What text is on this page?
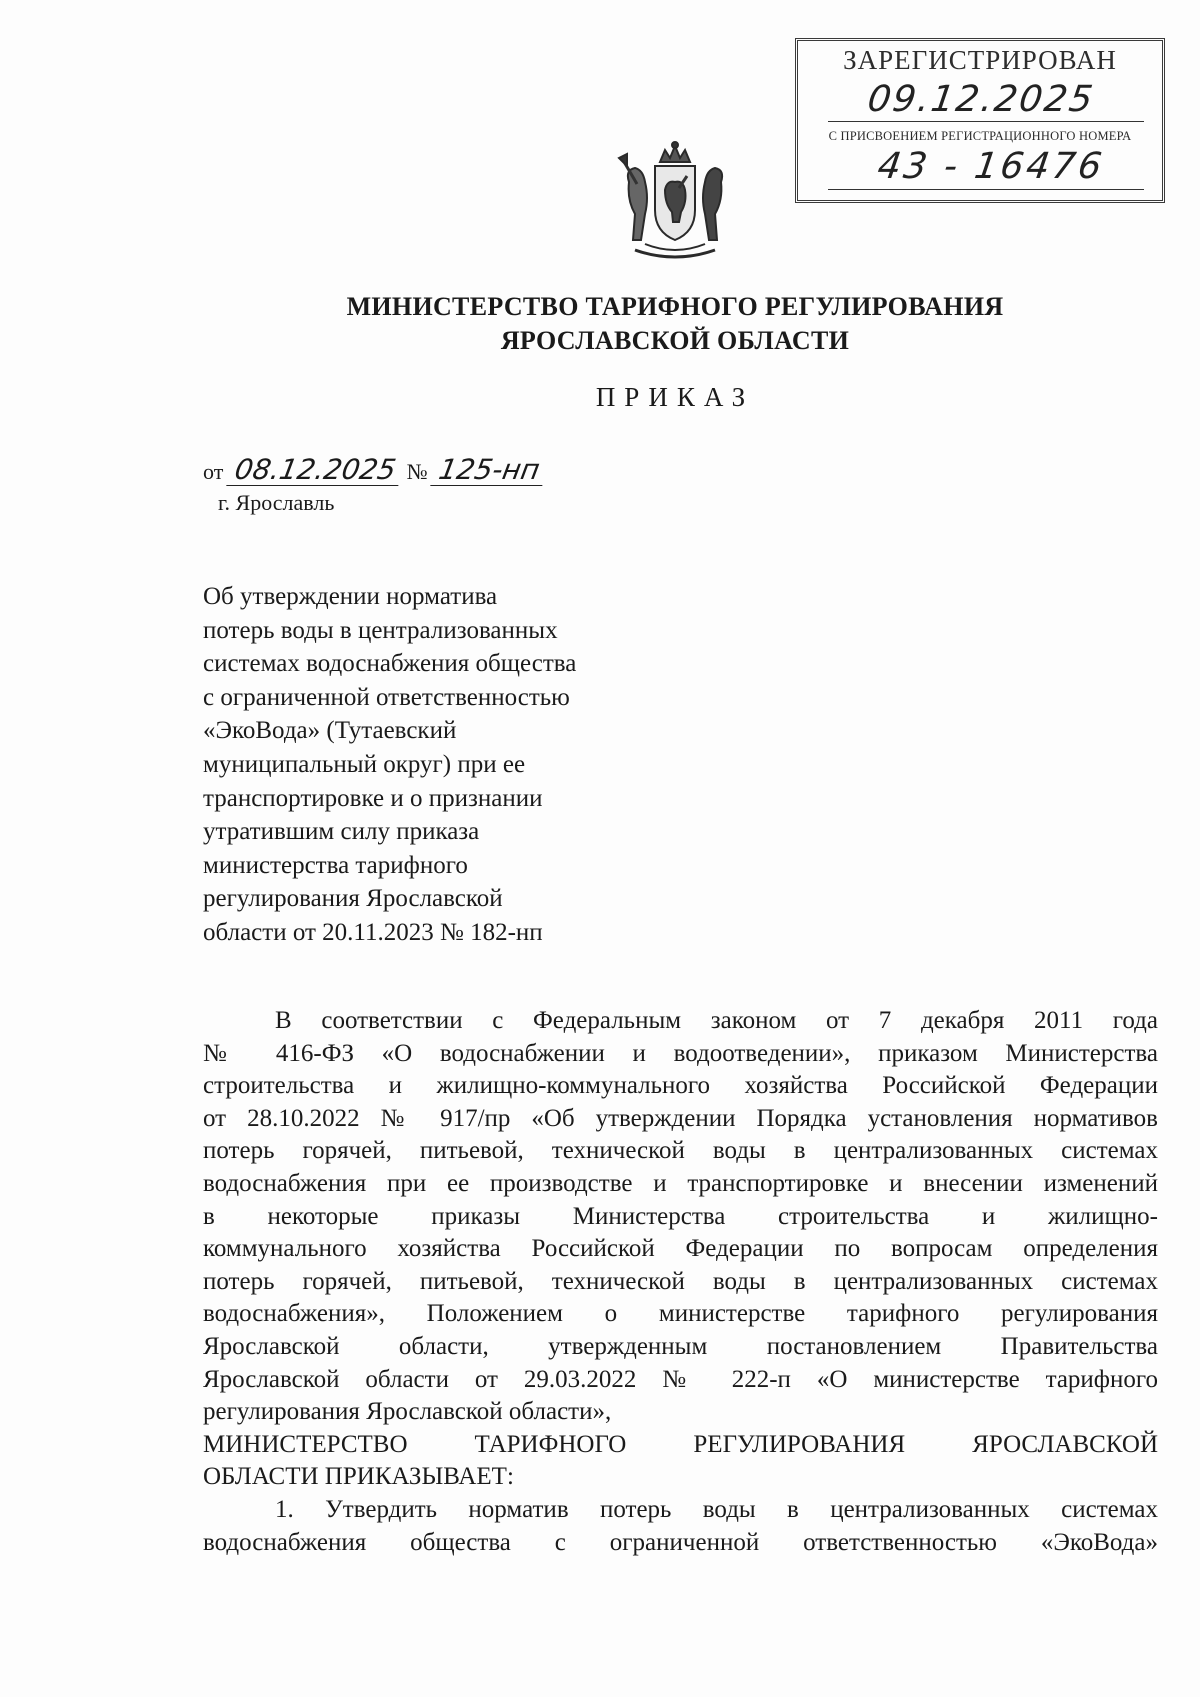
ЗАРЕГИСТРИРОВАН
09.12.2025
С ПРИСВОЕНИЕМ РЕГИСТРАЦИОННОГО НОМЕРА
43 - 16476
МИНИСТЕРСТВО ТАРИФНОГО РЕГУЛИРОВАНИЯ
ЯРОСЛАВСКОЙ ОБЛАСТИ
ПРИКАЗ
от 08.12.2025 № 125-нп
г. Ярославль
Об утверждении норматива
потерь воды в централизованных
системах водоснабжения общества
с ограниченной ответственностью
«ЭкоВода» (Тутаевский
муниципальный округ) при ее
транспортировке и о признании
утратившим силу приказа
министерства тарифного
регулирования Ярославской
области от 20.11.2023 № 182-нп
В соответствии с Федеральным законом от 7 декабря 2011 года
№ 416-ФЗ «О водоснабжении и водоотведении», приказом Министерства
строительства и жилищно-коммунального хозяйства Российской Федерации
от 28.10.2022 № 917/пр «Об утверждении Порядка установления нормативов
потерь горячей, питьевой, технической воды в централизованных системах
водоснабжения при ее производстве и транспортировке и внесении изменений
в некоторые приказы Министерства строительства и жилищно-
коммунального хозяйства Российской Федерации по вопросам определения
потерь горячей, питьевой, технической воды в централизованных системах
водоснабжения», Положением о министерстве тарифного регулирования
Ярославской области, утвержденным постановлением Правительства
Ярославской области от 29.03.2022 № 222-п «О министерстве тарифного
регулирования Ярославской области»,
МИНИСТЕРСТВО ТАРИФНОГО РЕГУЛИРОВАНИЯ ЯРОСЛАВСКОЙ
ОБЛАСТИ ПРИКАЗЫВАЕТ:
1. Утвердить норматив потерь воды в централизованных системах
водоснабжения общества с ограниченной ответственностью «ЭкоВода»
